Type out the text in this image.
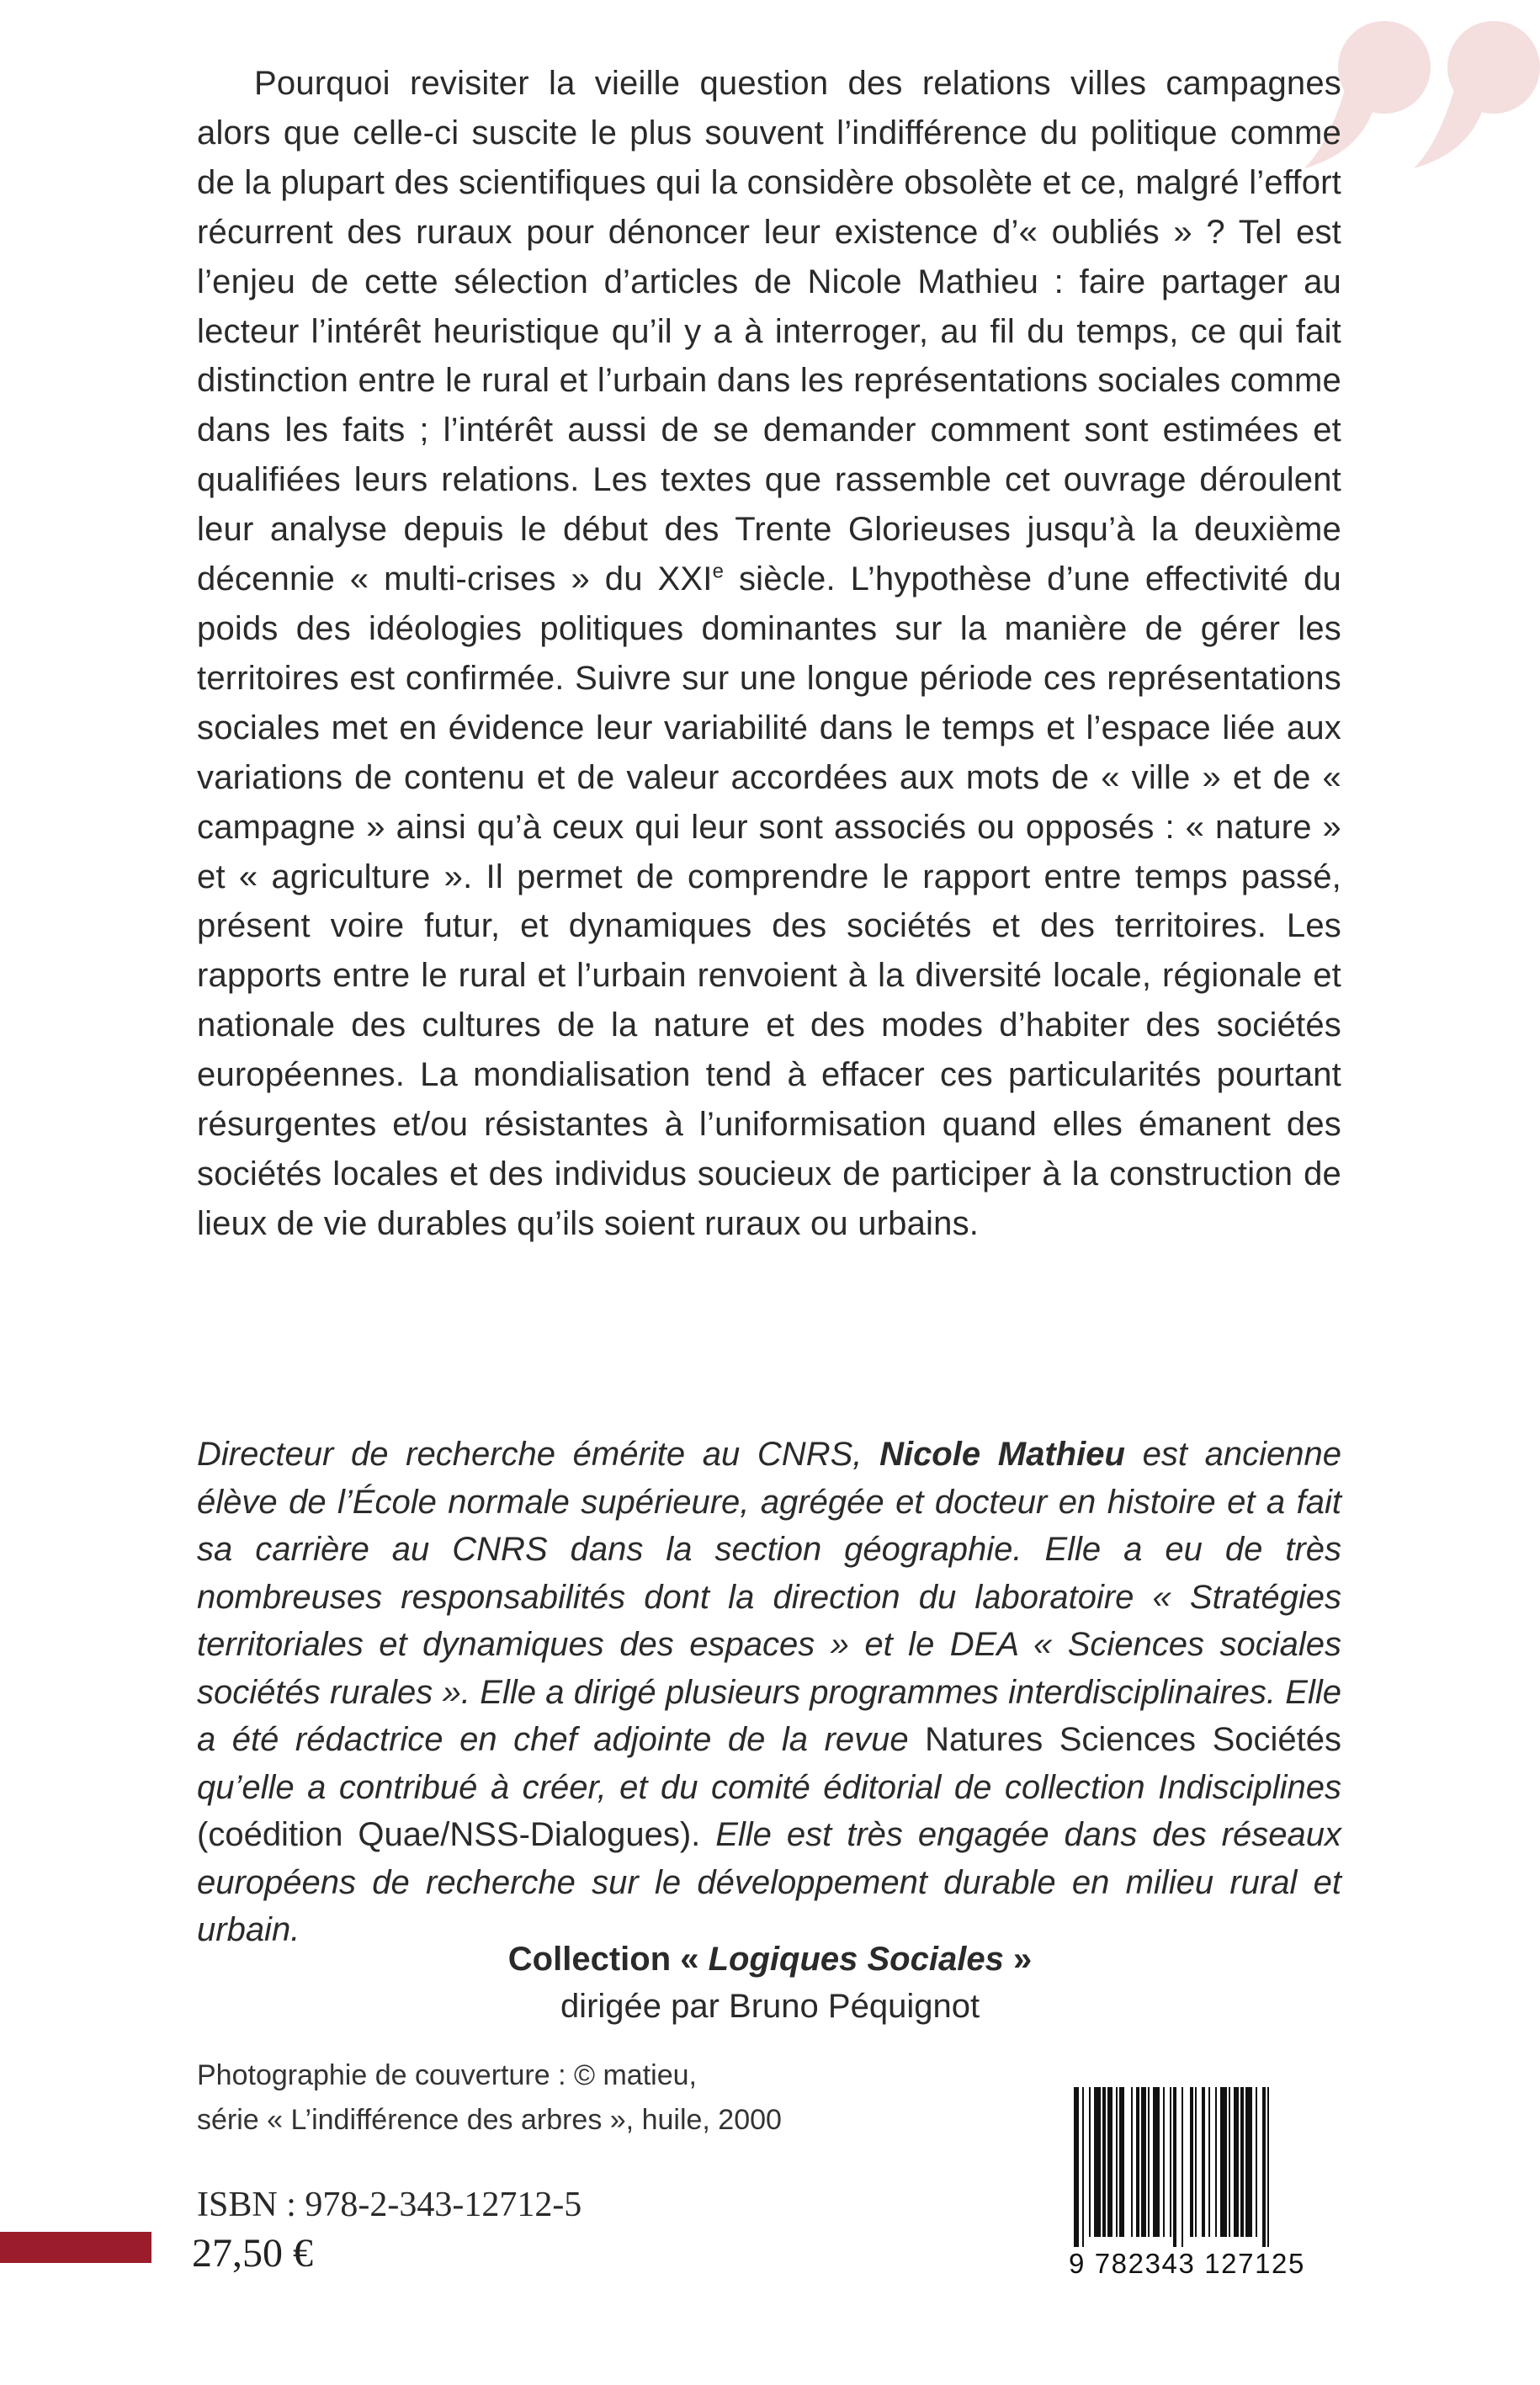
Pourquoi revisiter la vieille question des relations villes campagnes alors que celle-ci suscite le plus souvent l’indifférence du politique comme de la plupart des scientifiques qui la considère obsolète et ce, malgré l’effort récurrent des ruraux pour dénoncer leur existence d’« oubliés » ? Tel est l’enjeu de cette sélection d’articles de Nicole Mathieu : faire partager au lecteur l’intérêt heuristique qu’il y a à interroger, au fil du temps, ce qui fait distinction entre le rural et l’urbain dans les représentations sociales comme dans les faits ; l’intérêt aussi de se demander comment sont estimées et qualifiées leurs relations. Les textes que rassemble cet ouvrage déroulent leur analyse depuis le début des Trente Glorieuses jusqu’à la deuxième décennie « multi-crises » du XXIe siècle. L’hypothèse d’une effectivité du poids des idéologies politiques dominantes sur la manière de gérer les territoires est confirmée. Suivre sur une longue période ces représentations sociales met en évidence leur variabilité dans le temps et l’espace liée aux variations de contenu et de valeur accordées aux mots de « ville » et de « campagne » ainsi qu’à ceux qui leur sont associés ou opposés : « nature » et « agriculture ». Il permet de comprendre le rapport entre temps passé, présent voire futur, et dynamiques des sociétés et des territoires. Les rapports entre le rural et l’urbain renvoient à la diversité locale, régionale et nationale des cultures de la nature et des modes d’habiter des sociétés européennes. La mondialisation tend à effacer ces particularités pourtant résurgentes et/ou résistantes à l’uniformisation quand elles émanent des sociétés locales et des individus soucieux de participer à la construction de lieux de vie durables qu’ils soient ruraux ou urbains.

Directeur de recherche émérite au CNRS, Nicole Mathieu est ancienne élève de l’École normale supérieure, agrégée et docteur en histoire et a fait sa carrière au CNRS dans la section géographie. Elle a eu de très nombreuses responsabilités dont la direction du laboratoire « Stratégies territoriales et dynamiques des espaces » et le DEA « Sciences sociales sociétés rurales ». Elle a dirigé plusieurs programmes interdisciplinaires. Elle a été rédactrice en chef adjointe de la revue Natures Sciences Sociétés qu’elle a contribué à créer, et du comité éditorial de collection Indisciplines (coédition Quae/NSS-Dialogues). Elle est très engagée dans des réseaux européens de recherche sur le développement durable en milieu rural et urbain.

Collection « Logiques Sociales »
dirigée par Bruno Péquignot
Photographie de couverture : © matieu,
série « L’indifférence des arbres », huile, 2000
ISBN : 978-2-343-12712-5
27,50 €	9 782343 127125
